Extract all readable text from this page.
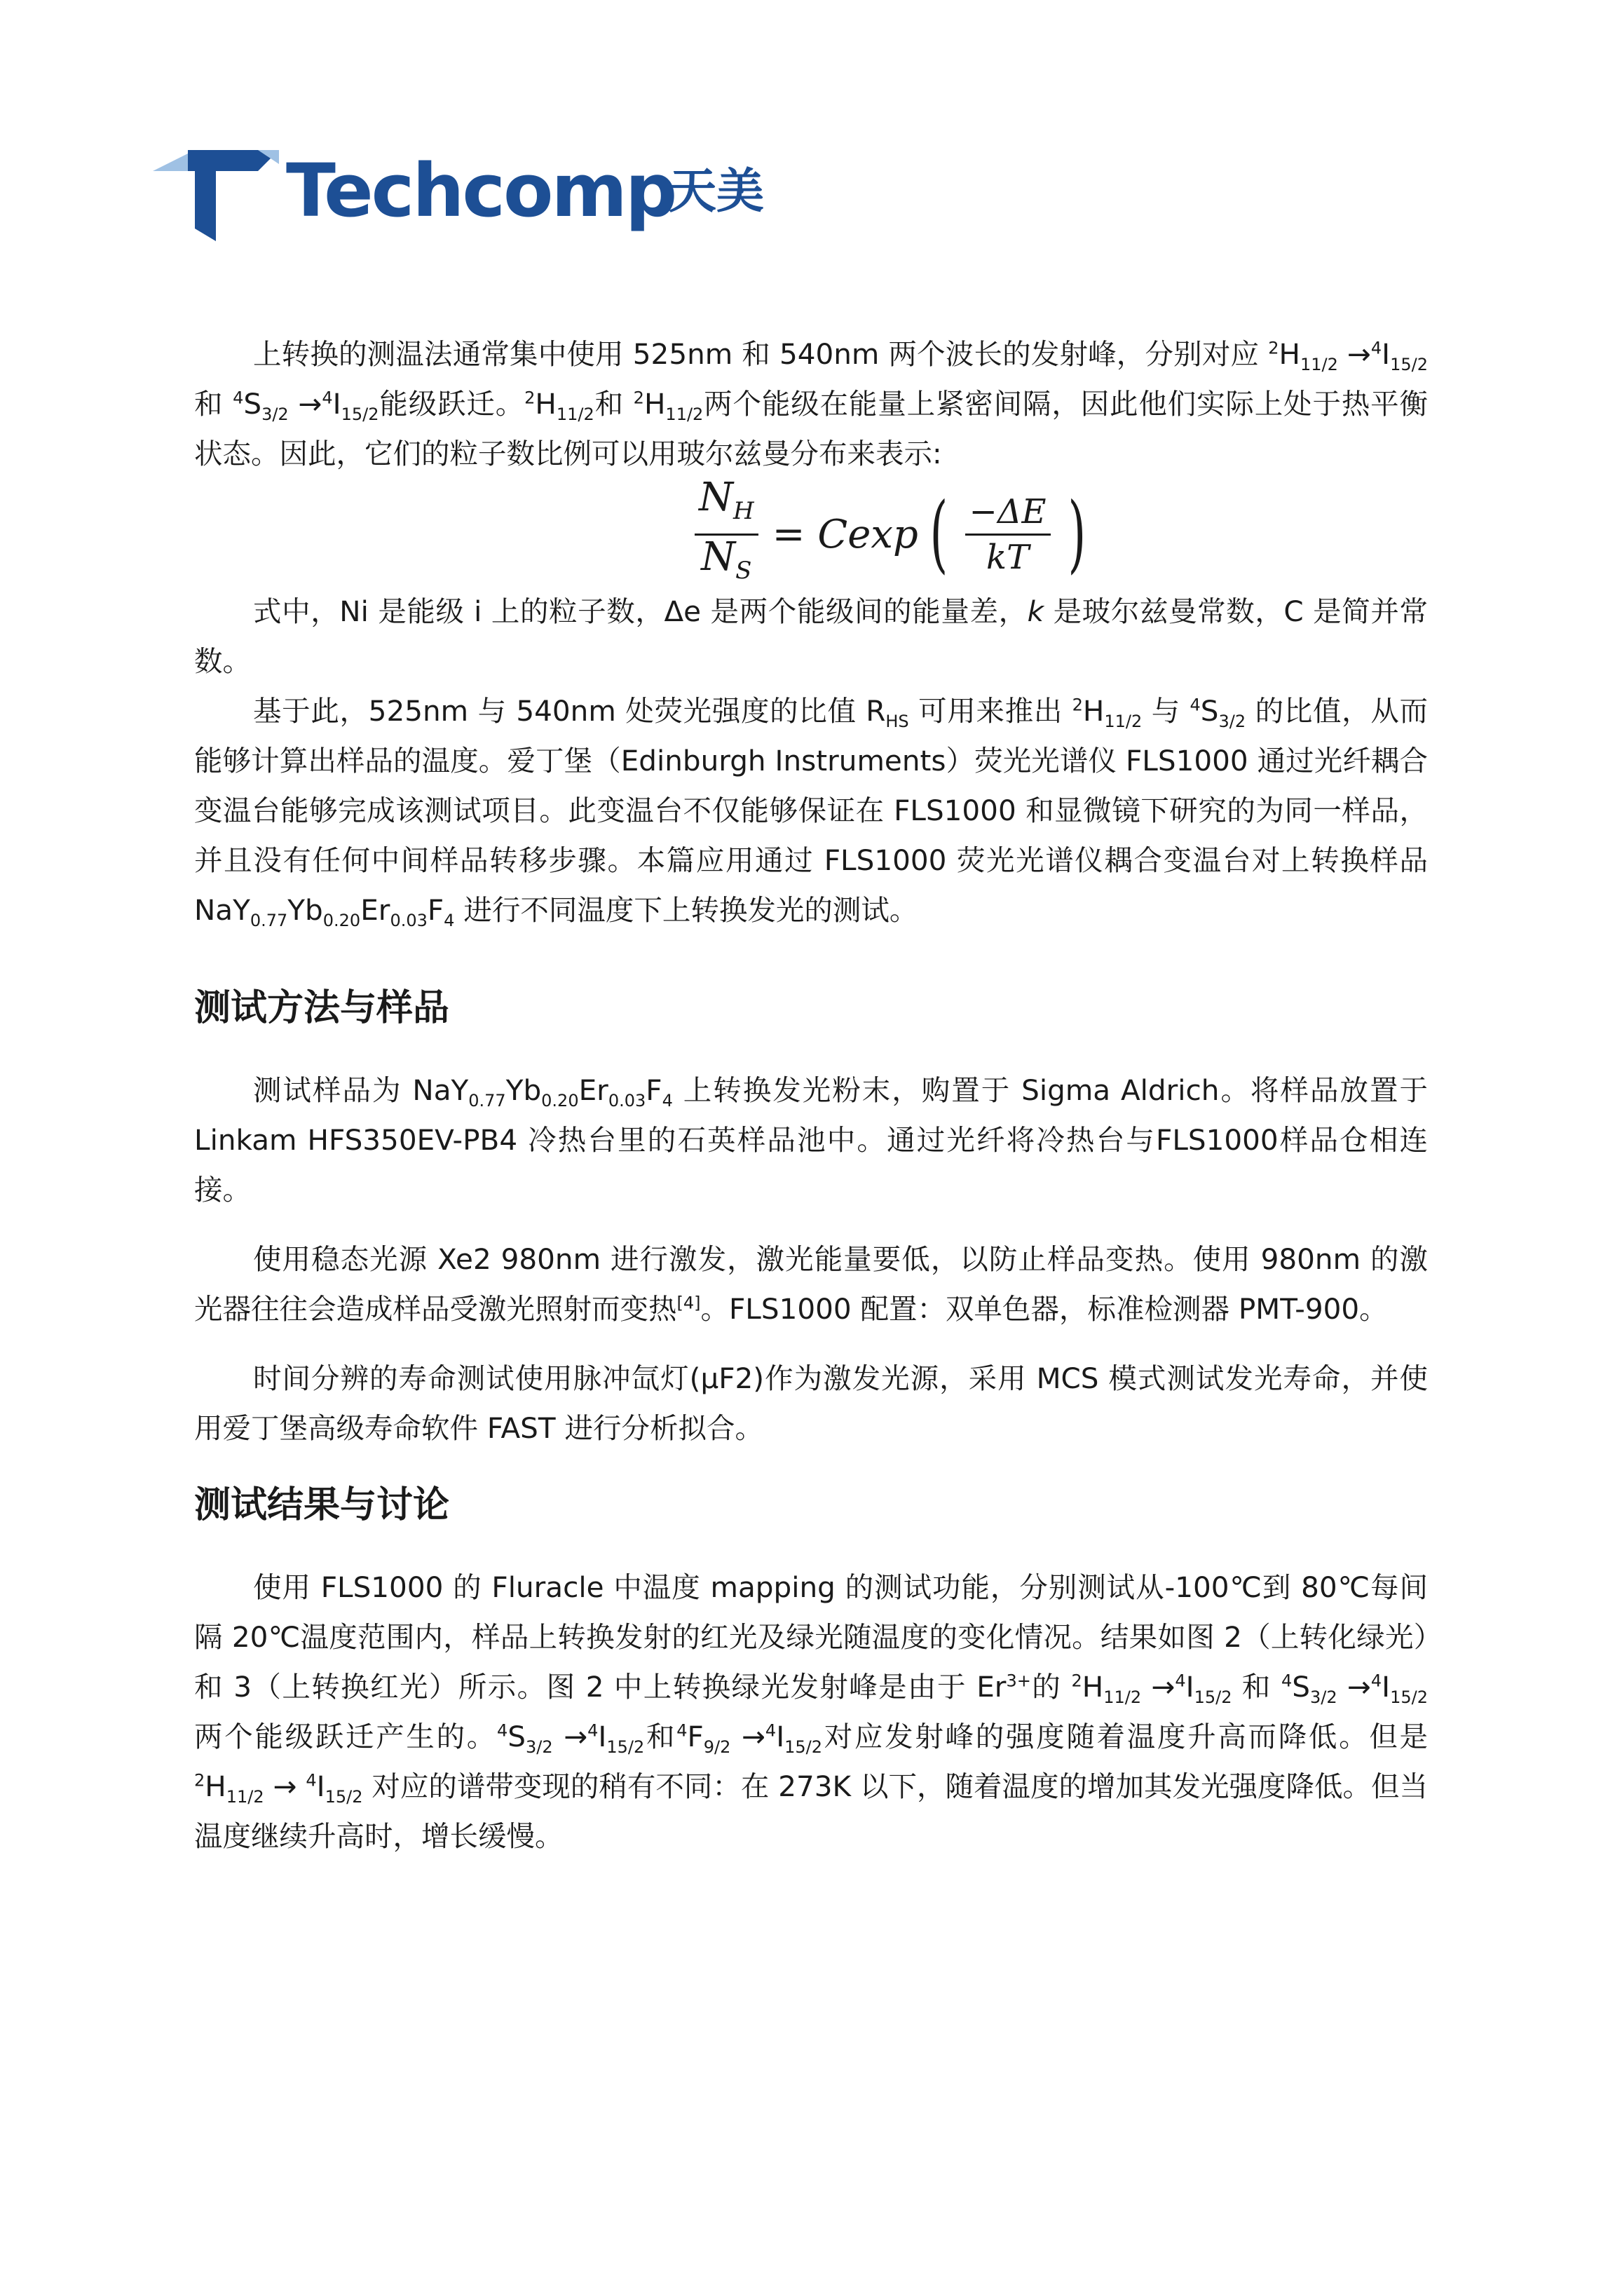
Techcomp
天美

上转换的测温法通常集中使用 525nm 和 540nm 两个波长的发射峰，分别对应 $^2H_{11/2} \to^4I_{15/2}$ 和 $^4S_{3/2} \to^4I_{15/2}$能级跃迁。$^2H_{11/2}$和 $^2H_{11/2}$两个能级在能量上紧密间隔，因此他们实际上处于热平衡状态。因此，它们的粒子数比例可以用玻尔兹曼分布来表示:

$\frac{N_H}{N_S} = Cexp$ ( $\frac{-\Delta E}{kT}$ )

式中，Ni 是能级 i 上的粒子数，Δe 是两个能级间的能量差，k 是玻尔兹曼常数，C 是简并常数。

基于此，525nm 与 540nm 处荧光强度的比值 $R_{HS}$ 可用来推出 $^2H_{11/2}$ 与 $^4S_{3/2}$ 的比值，从而能够计算出样品的温度。爱丁堡（Edinburgh Instruments）荧光光谱仪 FLS1000 通过光纤耦合变温台能够完成该测试项目。此变温台不仅能够保证在 FLS1000 和显微镜下研究的为同一样品，并且没有任何中间样品转移步骤。本篇应用通过 FLS1000 荧光光谱仪耦合变温台对上转换样品 $NaY_{0.77}Yb_{0.20}Er_{0.03}F_4$ 进行不同温度下上转换发光的测试。

测试方法与样品

测试样品为 $NaY_{0.77}Yb_{0.20}Er_{0.03}F_4$ 上转换发光粉末，购置于 Sigma Aldrich。将样品放置于 Linkam HFS350EV-PB4 冷热台里的石英样品池中。通过光纤将冷热台与FLS1000样品仓相连接。

使用稳态光源 Xe2 980nm 进行激发，激光能量要低，以防止样品变热。使用 980nm 的激光器往往会造成样品受激光照射而变热[4]。FLS1000 配置：双单色器，标准检测器 PMT-900。

时间分辨的寿命测试使用脉冲氙灯(μF2)作为激发光源，采用 MCS 模式测试发光寿命，并使用爱丁堡高级寿命软件 FAST 进行分析拟合。

测试结果与讨论

使用 FLS1000 的 Fluracle 中温度 mapping 的测试功能，分别测试从-100℃到 80℃每间隔 20℃温度范围内，样品上转换发射的红光及绿光随温度的变化情况。结果如图 2（上转化绿光）和 3（上转换红光）所示。图 2 中上转换绿光发射峰是由于 $Er^{3+}$的 $^2H_{11/2} \to^4I_{15/2}$ 和 $^4S_{3/2} \to^4I_{15/2}$ 两个能级跃迁产生的。$^4S_{3/2} \to^4I_{15/2}$和$^4F_{9/2} \to^4I_{15/2}$对应发射峰的强度随着温度升高而降低。但是 $^2H_{11/2} \to ^4I_{15/2}$ 对应的谱带变现的稍有不同：在 273K 以下，随着温度的增加其发光强度降低。但当温度继续升高时，增长缓慢。
